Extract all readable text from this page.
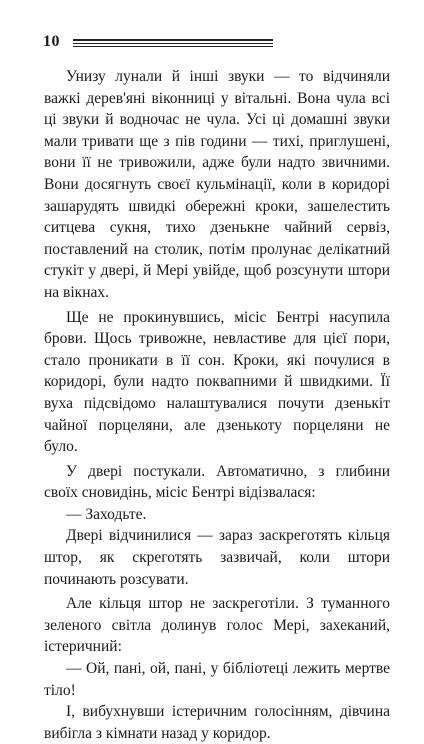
10

Унизу лунали й інші звуки — то відчиняли важкі дерев'яні віконниці у вітальні. Вона чула всі ці звуки й водночас не чула. Усі ці домашні звуки мали тривати ще з пів години — тихі, приглушені, вони її не тривожили, адже були надто звичними. Вони досягнуть своєї кульмінації, коли в коридорі зашарудять швидкі обережні кроки, зашелестить ситцева сукня, тихо дзенькне чайний сервіз, поставлений на столик, потім пролунає делікатний стукіт у двері, й Мері увійде, щоб розсунути штори на вікнах.

Ще не прокинувшись, місіс Бентрі насупила брови. Щось тривожне, невластиве для цієї пори, стало проникати в її сон. Кроки, які почулися в коридорі, були надто поквапними й швидкими. Її вуха підсвідомо налаштувалися почути дзенькіт чайної порцеляни, але дзенькоту порцеляни не було.

У двері постукали. Автоматично, з глибини своїх сновидінь, місіс Бентрі відізвалася:

— Заходьте.

Двері відчинилися — зараз заскреготять кільця штор, як скреготять зазвичай, коли штори починають розсувати.

Але кільця штор не заскреготіли. З туманного зеленого світла долинув голос Мері, захеканий, істеричний:

— Ой, пані, ой, пані, у бібліотеці лежить мертве тіло!

І, вибухнувши істеричним голосінням, дівчина вибігла з кімнати назад у коридор.
